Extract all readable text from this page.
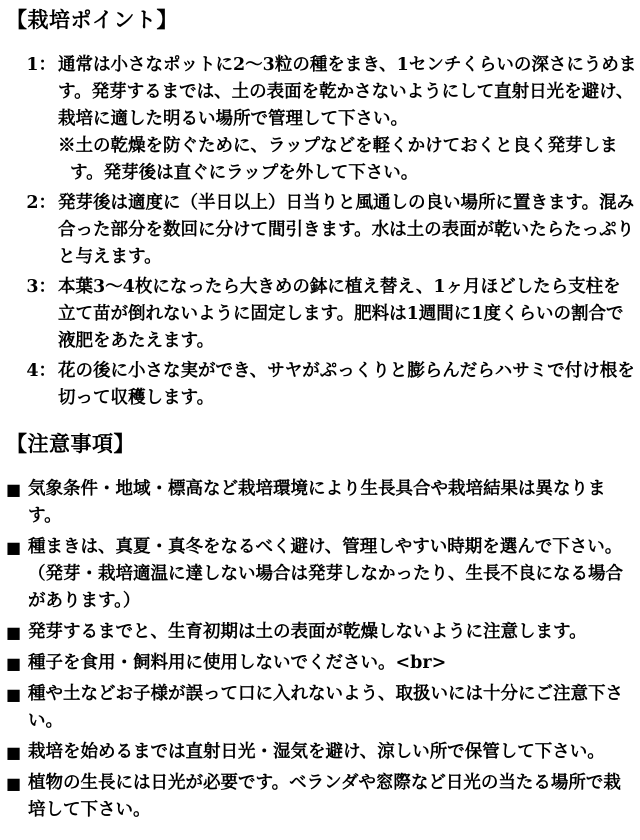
【栽培ポイント】
1： 通常は小さなポットに2～3粒の種をまき、1センチくらいの深さにうめます。発芽するまでは、土の表面を乾かさないようにして直射日光を避け、栽培に適した明るい場所で管理して下さい。
※土の乾燥を防ぐために、ラップなどを軽くかけておくと良く発芽します。発芽後は直ぐにラップを外して下さい。
2： 発芽後は適度に（半日以上）日当りと風通しの良い場所に置きます。混み合った部分を数回に分けて間引きます。水は土の表面が乾いたらたっぷりと与えます。
3： 本葉3～4枚になったら大きめの鉢に植え替え、1ヶ月ほどしたら支柱を立て苗が倒れないように固定します。肥料は1週間に1度くらいの割合で液肥をあたえます。
4： 花の後に小さな実ができ、サヤがぷっくりと膨らんだらハサミで付け根を切って収穫します。
【注意事項】
■ 気象条件・地域・標高など栽培環境により生長具合や栽培結果は異なります。
■ 種まきは、真夏・真冬をなるべく避け、管理しやすい時期を選んで下さい。（発芽・栽培適温に達しない場合は発芽しなかったり、生長不良になる場合があります。）
■ 発芽するまでと、生育初期は土の表面が乾燥しないように注意します。
■ 種子を食用・飼料用に使用しないでください。<br>
■ 種や土などお子様が誤って口に入れないよう、取扱いには十分にご注意下さい。
■ 栽培を始めるまでは直射日光・湿気を避け、涼しい所で保管して下さい。
■ 植物の生長には日光が必要です。ベランダや窓際など日光の当たる場所で栽培して下さい。
